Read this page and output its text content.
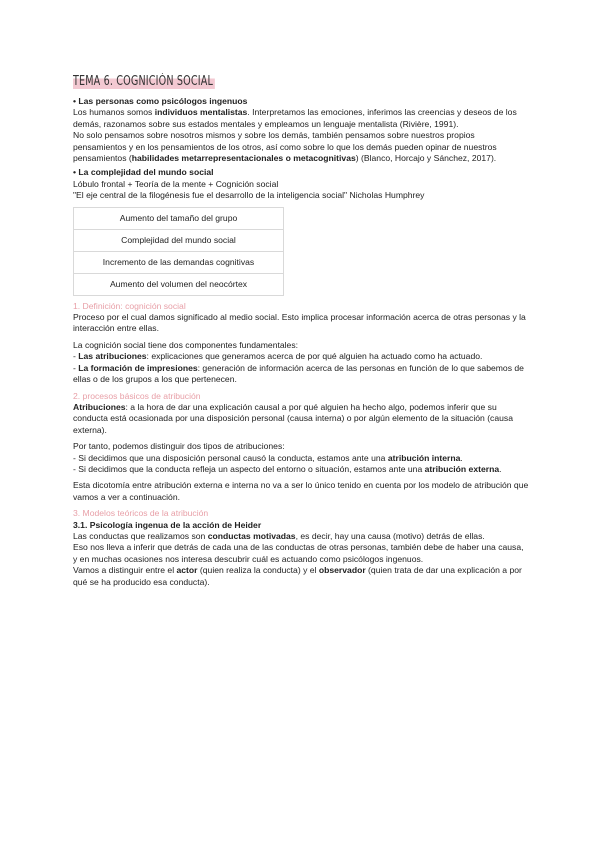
TEMA 6. COGNICIÓN SOCIAL

• Las personas como psicólogos ingenuos

Los humanos somos individuos mentalistas. Interpretamos las emociones, inferimos las creencias y deseos de los demás, razonamos sobre sus estados mentales y empleamos un lenguaje mentalista (Rivière, 1991).

No solo pensamos sobre nosotros mismos y sobre los demás, también pensamos sobre nuestros propios pensamientos y en los pensamientos de los otros, así como sobre lo que los demás pueden opinar de nuestros pensamientos (habilidades metarrepresentacionales o metacognitivas) (Blanco, Horcajo y Sánchez, 2017).

• La complejidad del mundo social

Lóbulo frontal + Teoría de la mente + Cognición social

"El eje central de la filogénesis fue el desarrollo de la inteligencia social" Nicholas Humphrey

Aumento del tamaño del grupo
Complejidad del mundo social
Incremento de las demandas cognitivas
Aumento del volumen del neocórtex

1. Definición: cognición social

Proceso por el cual damos significado al medio social. Esto implica procesar información acerca de otras personas y la interacción entre ellas.

La cognición social tiene dos componentes fundamentales:

- Las atribuciones: explicaciones que generamos acerca de por qué alguien ha actuado como ha actuado.

- La formación de impresiones: generación de información acerca de las personas en función de lo que sabemos de ellas o de los grupos a los que pertenecen.

2. procesos básicos de atribución

Atribuciones: a la hora de dar una explicación causal a por qué alguien ha hecho algo, podemos inferir que su conducta está ocasionada por una disposición personal (causa interna) o por algún elemento de la situación (causa externa).

Por tanto, podemos distinguir dos tipos de atribuciones:

- Si decidimos que una disposición personal causó la conducta, estamos ante una atribución interna.

- Si decidimos que la conducta refleja un aspecto del entorno o situación, estamos ante una atribución externa.

Esta dicotomía entre atribución externa e interna no va a ser lo único tenido en cuenta por los modelo de atribución que vamos a ver a continuación.

3. Modelos teóricos de la atribución

3.1. Psicología ingenua de la acción de Heider

Las conductas que realizamos son conductas motivadas, es decir, hay una causa (motivo) detrás de ellas.

Eso nos lleva a inferir que detrás de cada una de las conductas de otras personas, también debe de haber una causa, y en muchas ocasiones nos interesa descubrir cuál es actuando como psicólogos ingenuos.

Vamos a distinguir entre el actor (quien realiza la conducta) y el observador (quien trata de dar una explicación a por qué se ha producido esa conducta).
